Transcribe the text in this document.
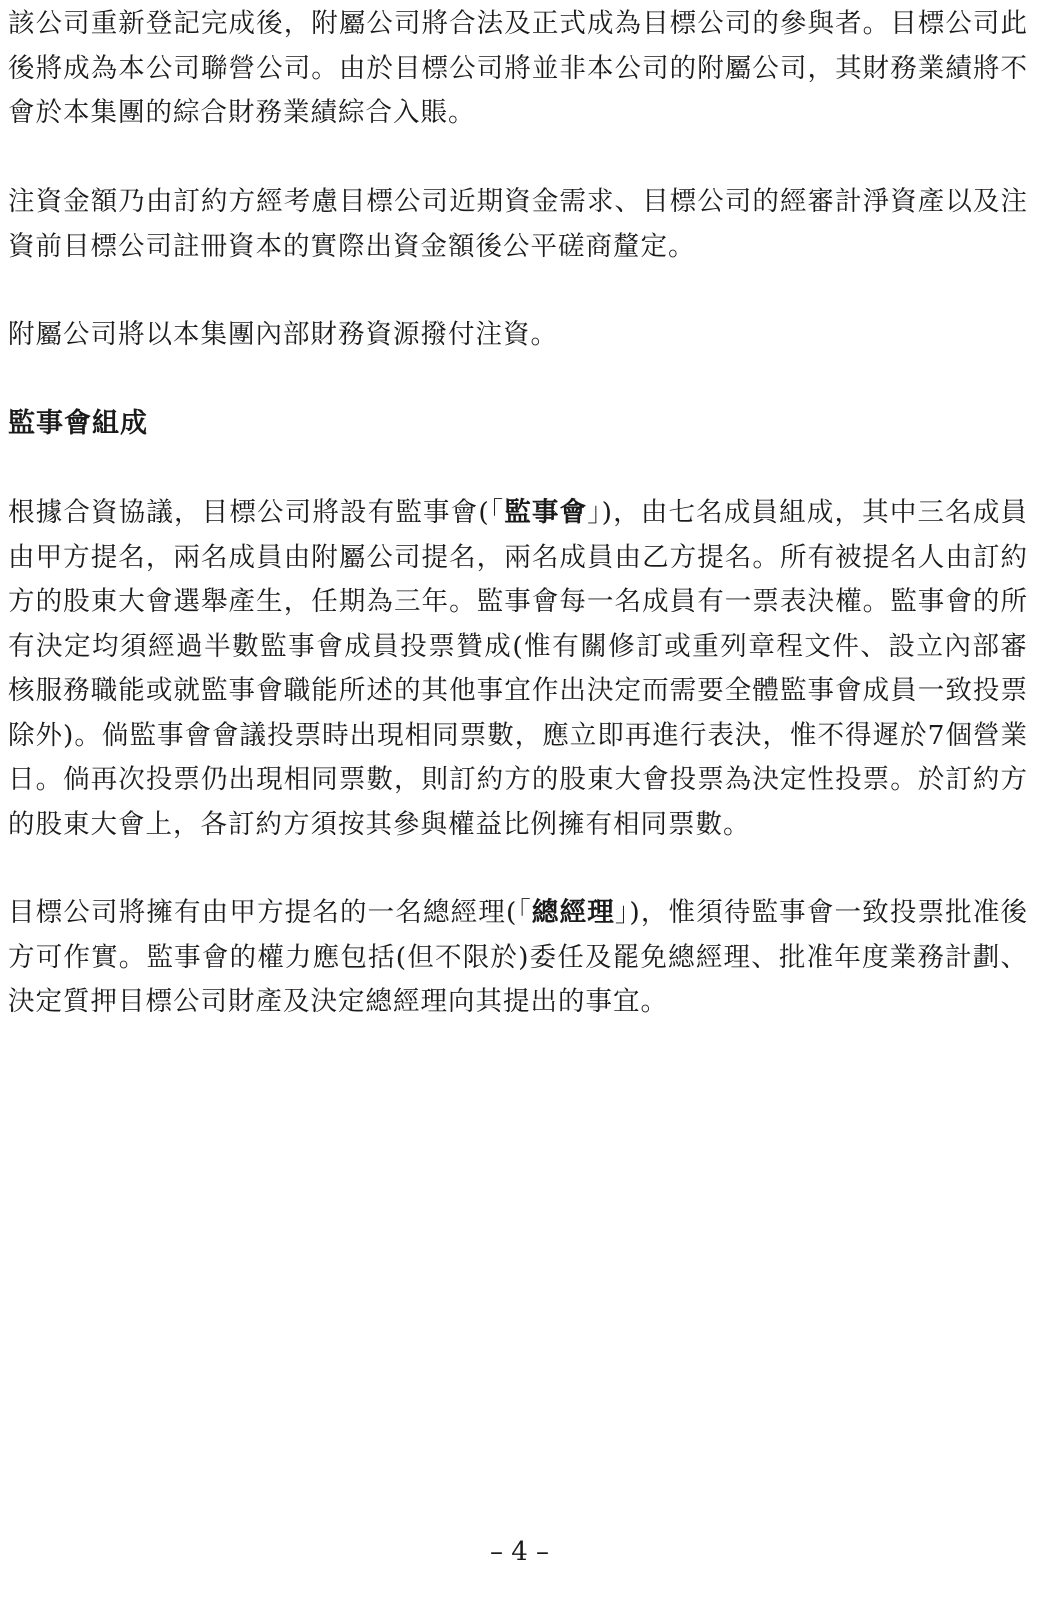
該公司重新登記完成後，附屬公司將合法及正式成為目標公司的參與者。目標公司此後將成為本公司聯營公司。由於目標公司將並非本公司的附屬公司，其財務業績將不會於本集團的綜合財務業績綜合入賬。

注資金額乃由訂約方經考慮目標公司近期資金需求、目標公司的經審計淨資產以及注資前目標公司註冊資本的實際出資金額後公平磋商釐定。

附屬公司將以本集團內部財務資源撥付注資。

監事會組成

根據合資協議，目標公司將設有監事會(「監事會」)，由七名成員組成，其中三名成員由甲方提名，兩名成員由附屬公司提名，兩名成員由乙方提名。所有被提名人由訂約方的股東大會選舉產生，任期為三年。監事會每一名成員有一票表決權。監事會的所有決定均須經過半數監事會成員投票贊成(惟有關修訂或重列章程文件、設立內部審核服務職能或就監事會職能所述的其他事宜作出決定而需要全體監事會成員一致投票除外)。倘監事會會議投票時出現相同票數，應立即再進行表決，惟不得遲於7個營業日。倘再次投票仍出現相同票數，則訂約方的股東大會投票為決定性投票。於訂約方的股東大會上，各訂約方須按其參與權益比例擁有相同票數。

目標公司將擁有由甲方提名的一名總經理(「總經理」)，惟須待監事會一致投票批准後方可作實。監事會的權力應包括(但不限於)委任及罷免總經理、批准年度業務計劃、決定質押目標公司財產及決定總經理向其提出的事宜。

– 4 –
